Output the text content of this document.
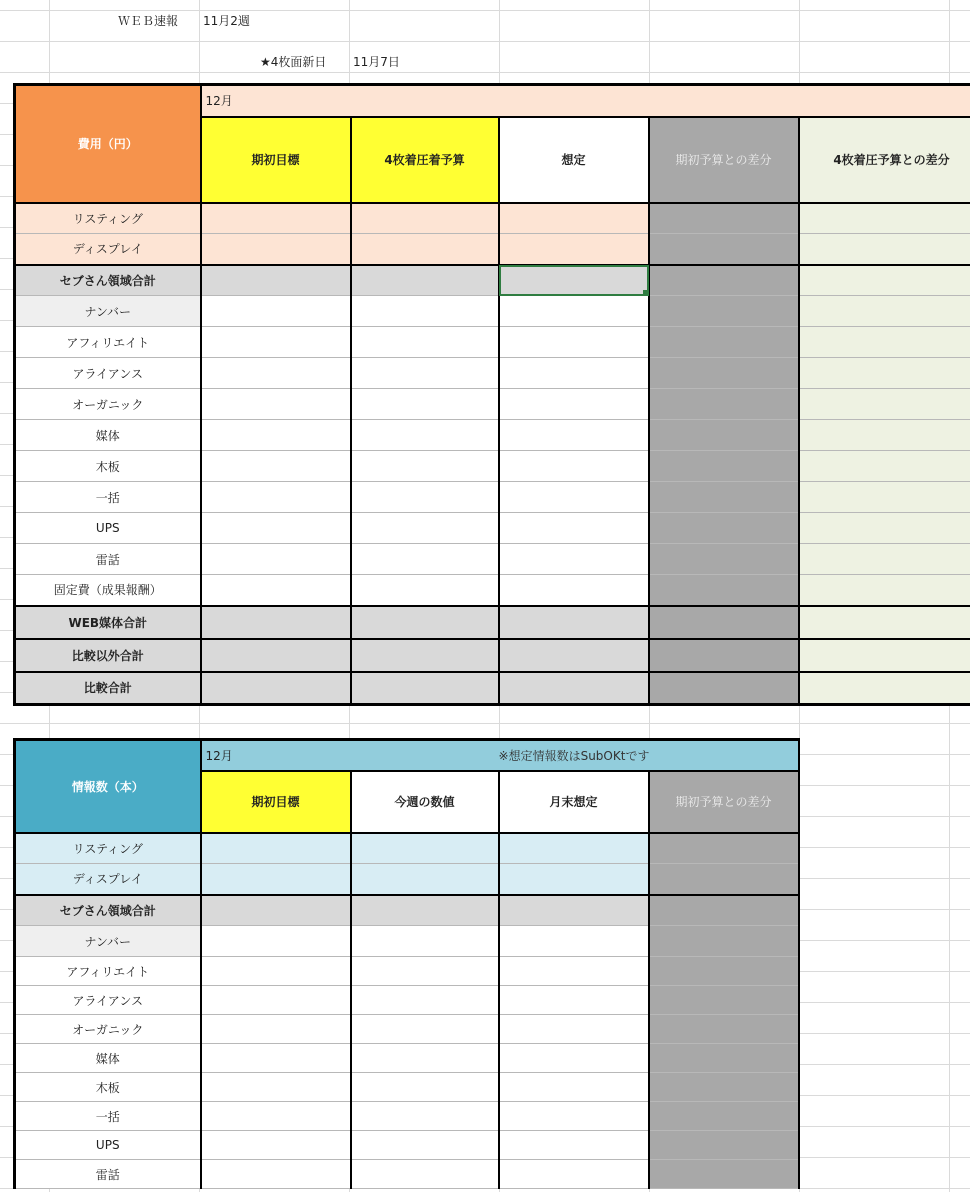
ＷＥＢ速報 11月2週
★4枚面新日 11月7日
費用（円）	12月				
	期初目標	4枚着圧着予算	想定	期初予算との差分	4枚着圧予算との差分
リスティング					
ディスプレイ					
セブさん領域合計			

ナンバー					
アフィリエイト					
アライアンス					
オーガニック					
媒体					
木板					
一括					
UPS					
雷話					
固定費（成果報酬）					
WEB媒体合計					
比較以外合計					
比較合計					
情報数（本）	12月	※想定情報数はSubOKtです		
	期初目標	今週の数値	月末想定	期初予算との差分
リスティング				
ディスプレイ				
セブさん領域合計				
ナンバー				
アフィリエイト				
アライアンス				
オーガニック				
媒体				
木板				
一括				
UPS				
雷話				
